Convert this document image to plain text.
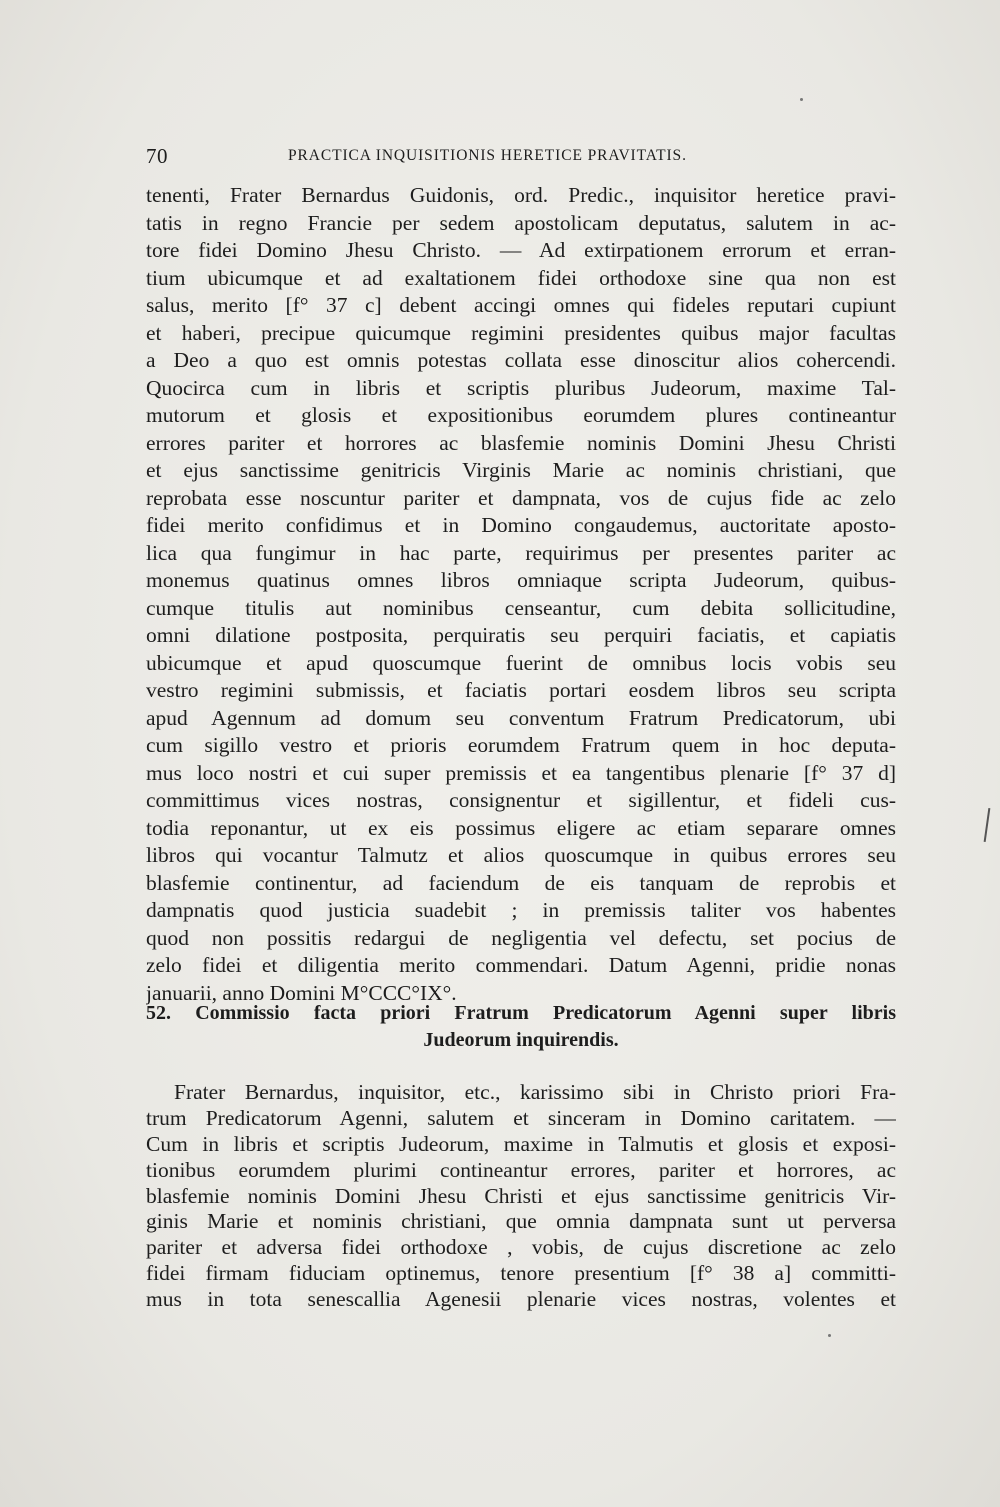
70	PRACTICA INQUISITIONIS HERETICE PRAVITATIS.
tenenti, Frater Bernardus Guidonis, ord. Predic., inquisitor heretice pravi-
tatis in regno Francie per sedem apostolicam deputatus, salutem in ac-
tore fidei Domino Jhesu Christo. — Ad extirpationem errorum et erran-
tium ubicumque et ad exaltationem fidei orthodoxe sine qua non est
salus, merito [f° 37 c] debent accingi omnes qui fideles reputari cupiunt
et haberi, precipue quicumque regimini presidentes quibus major facultas
a Deo a quo est omnis potestas collata esse dinoscitur alios cohercendi.
Quocirca cum in libris et scriptis pluribus Judeorum, maxime Tal-
mutorum et glosis et expositionibus eorumdem plures contineantur
errores pariter et horrores ac blasfemie nominis Domini Jhesu Christi
et ejus sanctissime genitricis Virginis Marie ac nominis christiani, que
reprobata esse noscuntur pariter et dampnata, vos de cujus fide ac zelo
fidei merito confidimus et in Domino congaudemus, auctoritate aposto-
lica qua fungimur in hac parte, requirimus per presentes pariter ac
monemus quatinus omnes libros omniaque scripta Judeorum, quibus-
cumque titulis aut nominibus censeantur, cum debita sollicitudine,
omni dilatione postposita, perquiratis seu perquiri faciatis, et capiatis
ubicumque et apud quoscumque fuerint de omnibus locis vobis seu
vestro regimini submissis, et faciatis portari eosdem libros seu scripta
apud Agennum ad domum seu conventum Fratrum Predicatorum, ubi
cum sigillo vestro et prioris eorumdem Fratrum quem in hoc deputa-
mus loco nostri et cui super premissis et ea tangentibus plenarie [f° 37 d]
committimus vices nostras, consignentur et sigillentur, et fideli cus-
todia reponantur, ut ex eis possimus eligere ac etiam separare omnes
libros qui vocantur Talmutz et alios quoscumque in quibus errores seu
blasfemie continentur, ad faciendum de eis tanquam de reprobis et
dampnatis quod justicia suadebit ; in premissis taliter vos habentes
quod non possitis redargui de negligentia vel defectu, set pocius de
zelo fidei et diligentia merito commendari. Datum Agenni, pridie nonas
januarii, anno Domini M°CCC°IX°.
52. Commissio facta priori Fratrum Predicatorum Agenni super libris
Judeorum inquirendis.
Frater Bernardus, inquisitor, etc., karissimo sibi in Christo priori Fra-
trum Predicatorum Agenni, salutem et sinceram in Domino caritatem. —
Cum in libris et scriptis Judeorum, maxime in Talmutis et glosis et exposi-
tionibus eorumdem plurimi contineantur errores, pariter et horrores, ac
blasfemie nominis Domini Jhesu Christi et ejus sanctissime genitricis Vir-
ginis Marie et nominis christiani, que omnia dampnata sunt ut perversa
pariter et adversa fidei orthodoxe , vobis, de cujus discretione ac zelo
fidei firmam fiduciam optinemus, tenore presentium [f° 38 a] committi-
mus in tota senescallia Agenesii plenarie vices nostras, volentes et
